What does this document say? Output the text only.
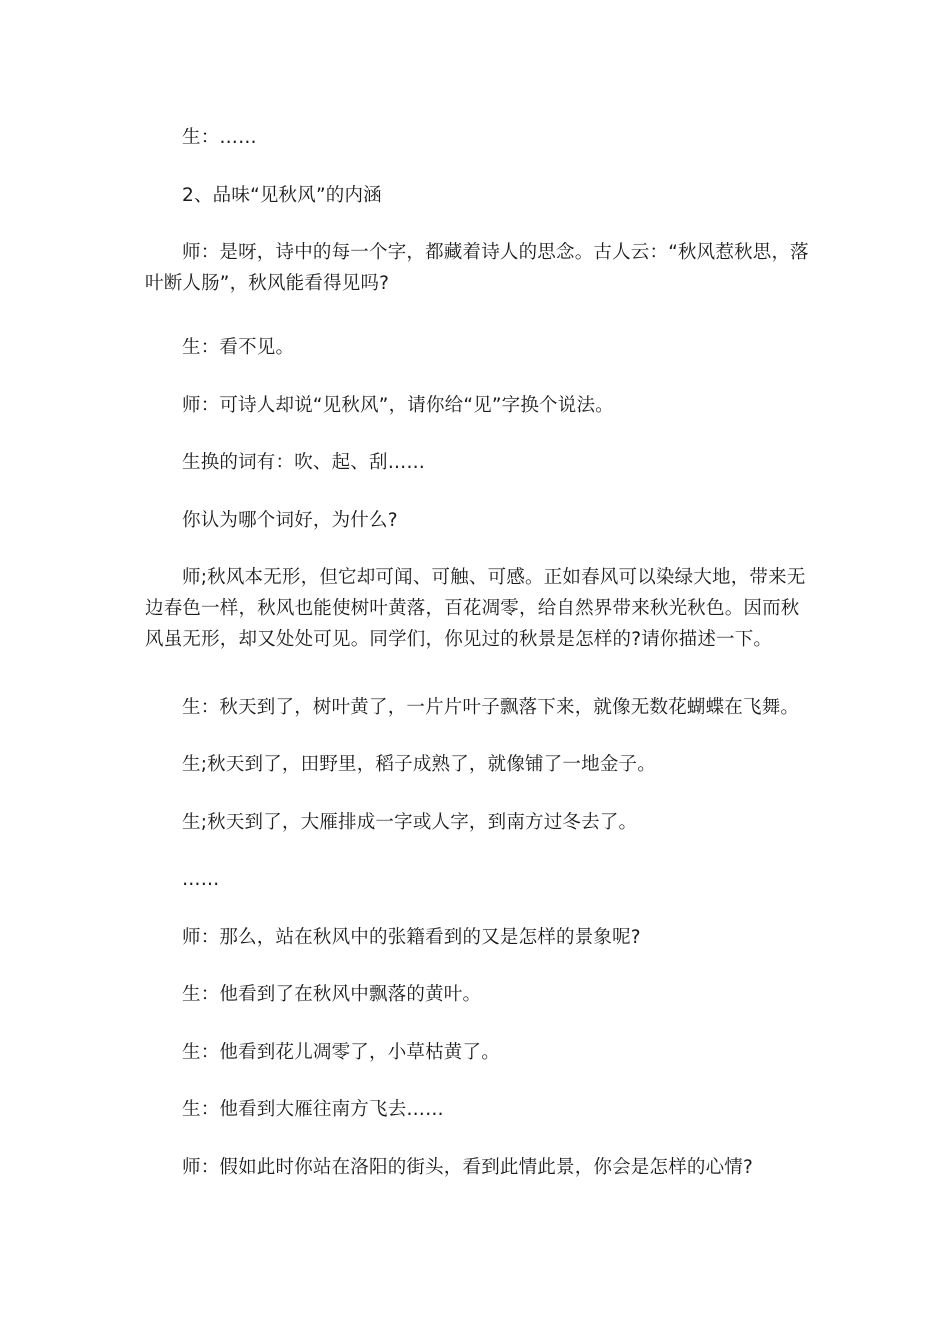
生：……

2、品味“见秋风”的内涵

师：是呀，诗中的每一个字，都藏着诗人的思念。古人云：“秋风惹秋思，落叶断人肠”，秋风能看得见吗?

生：看不见。

师：可诗人却说“见秋风”，请你给“见”字换个说法。

生换的词有：吹、起、刮……

你认为哪个词好，为什么?

师;秋风本无形，但它却可闻、可触、可感。正如春风可以染绿大地，带来无边春色一样，秋风也能使树叶黄落，百花凋零，给自然界带来秋光秋色。因而秋风虽无形，却又处处可见。同学们，你见过的秋景是怎样的?请你描述一下。

生：秋天到了，树叶黄了，一片片叶子飘落下来，就像无数花蝴蝶在飞舞。

生;秋天到了，田野里，稻子成熟了，就像铺了一地金子。

生;秋天到了，大雁排成一字或人字，到南方过冬去了。

……

师：那么，站在秋风中的张籍看到的又是怎样的景象呢?

生：他看到了在秋风中飘落的黄叶。

生：他看到花儿凋零了，小草枯黄了。

生：他看到大雁往南方飞去……

师：假如此时你站在洛阳的街头，看到此情此景，你会是怎样的心情?
